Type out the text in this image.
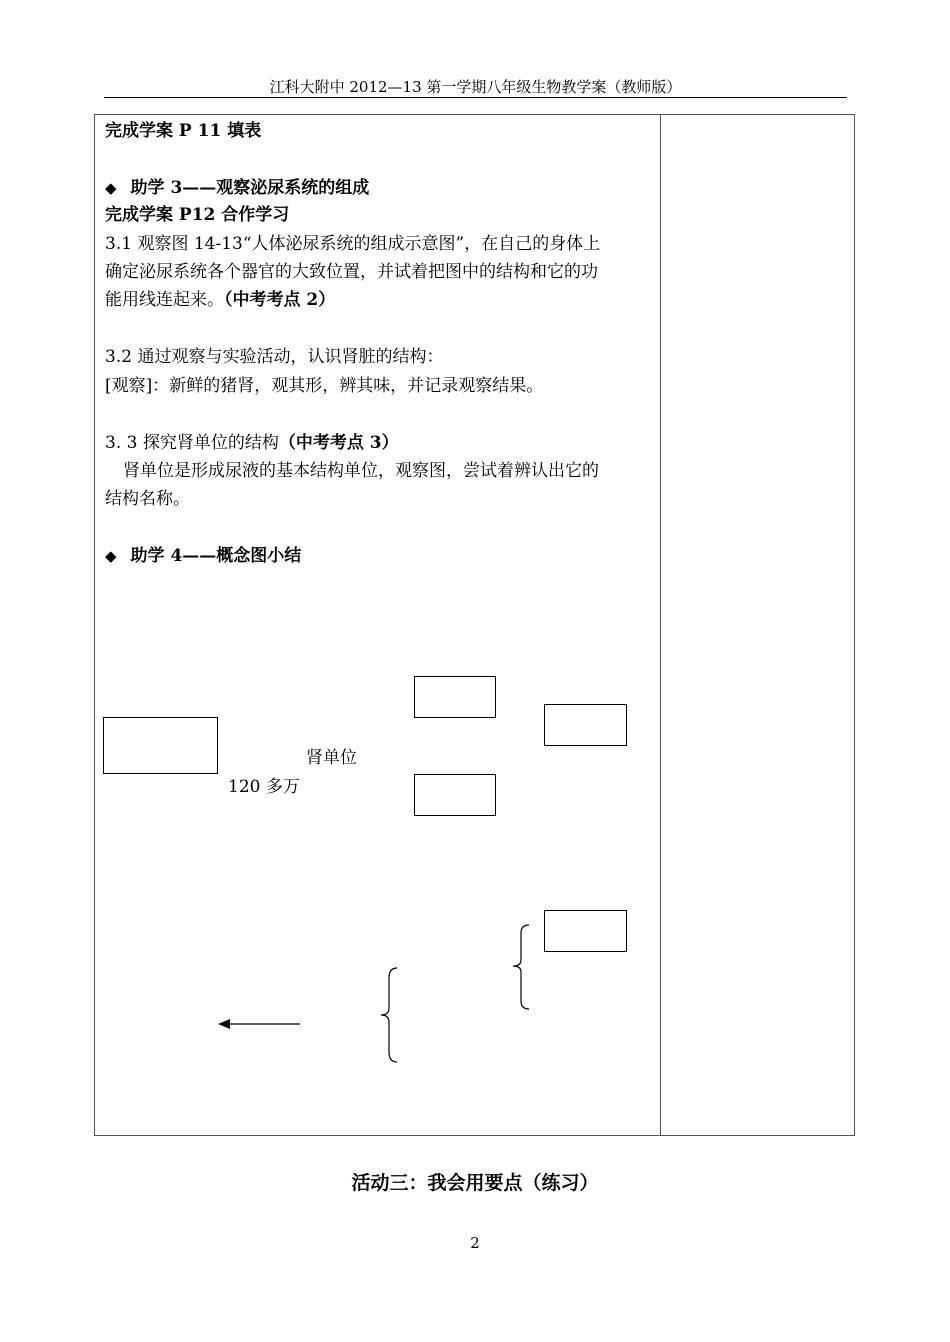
江科大附中 2012—13 第一学期八年级生物教学案（教师版）
完成学案 P 11 填表
◆ 助学 3——观察泌尿系统的组成
完成学案 P12 合作学习
3.1 观察图 14-13“人体泌尿系统的组成示意图”，在自己的身体上
确定泌尿系统各个器官的大致位置，并试着把图中的结构和它的功
能用线连起来。（中考考点 2）
3.2 通过观察与实验活动，认识肾脏的结构：
[观察]：新鲜的猪肾，观其形，辨其味，并记录观察结果。
3. 3 探究肾单位的结构（中考考点 3）
肾单位是形成尿液的基本结构单位，观察图，尝试着辨认出它的
结构名称。
◆ 助学 4——概念图小结
肾单位
120 多万
活动三：我会用要点（练习）
2
